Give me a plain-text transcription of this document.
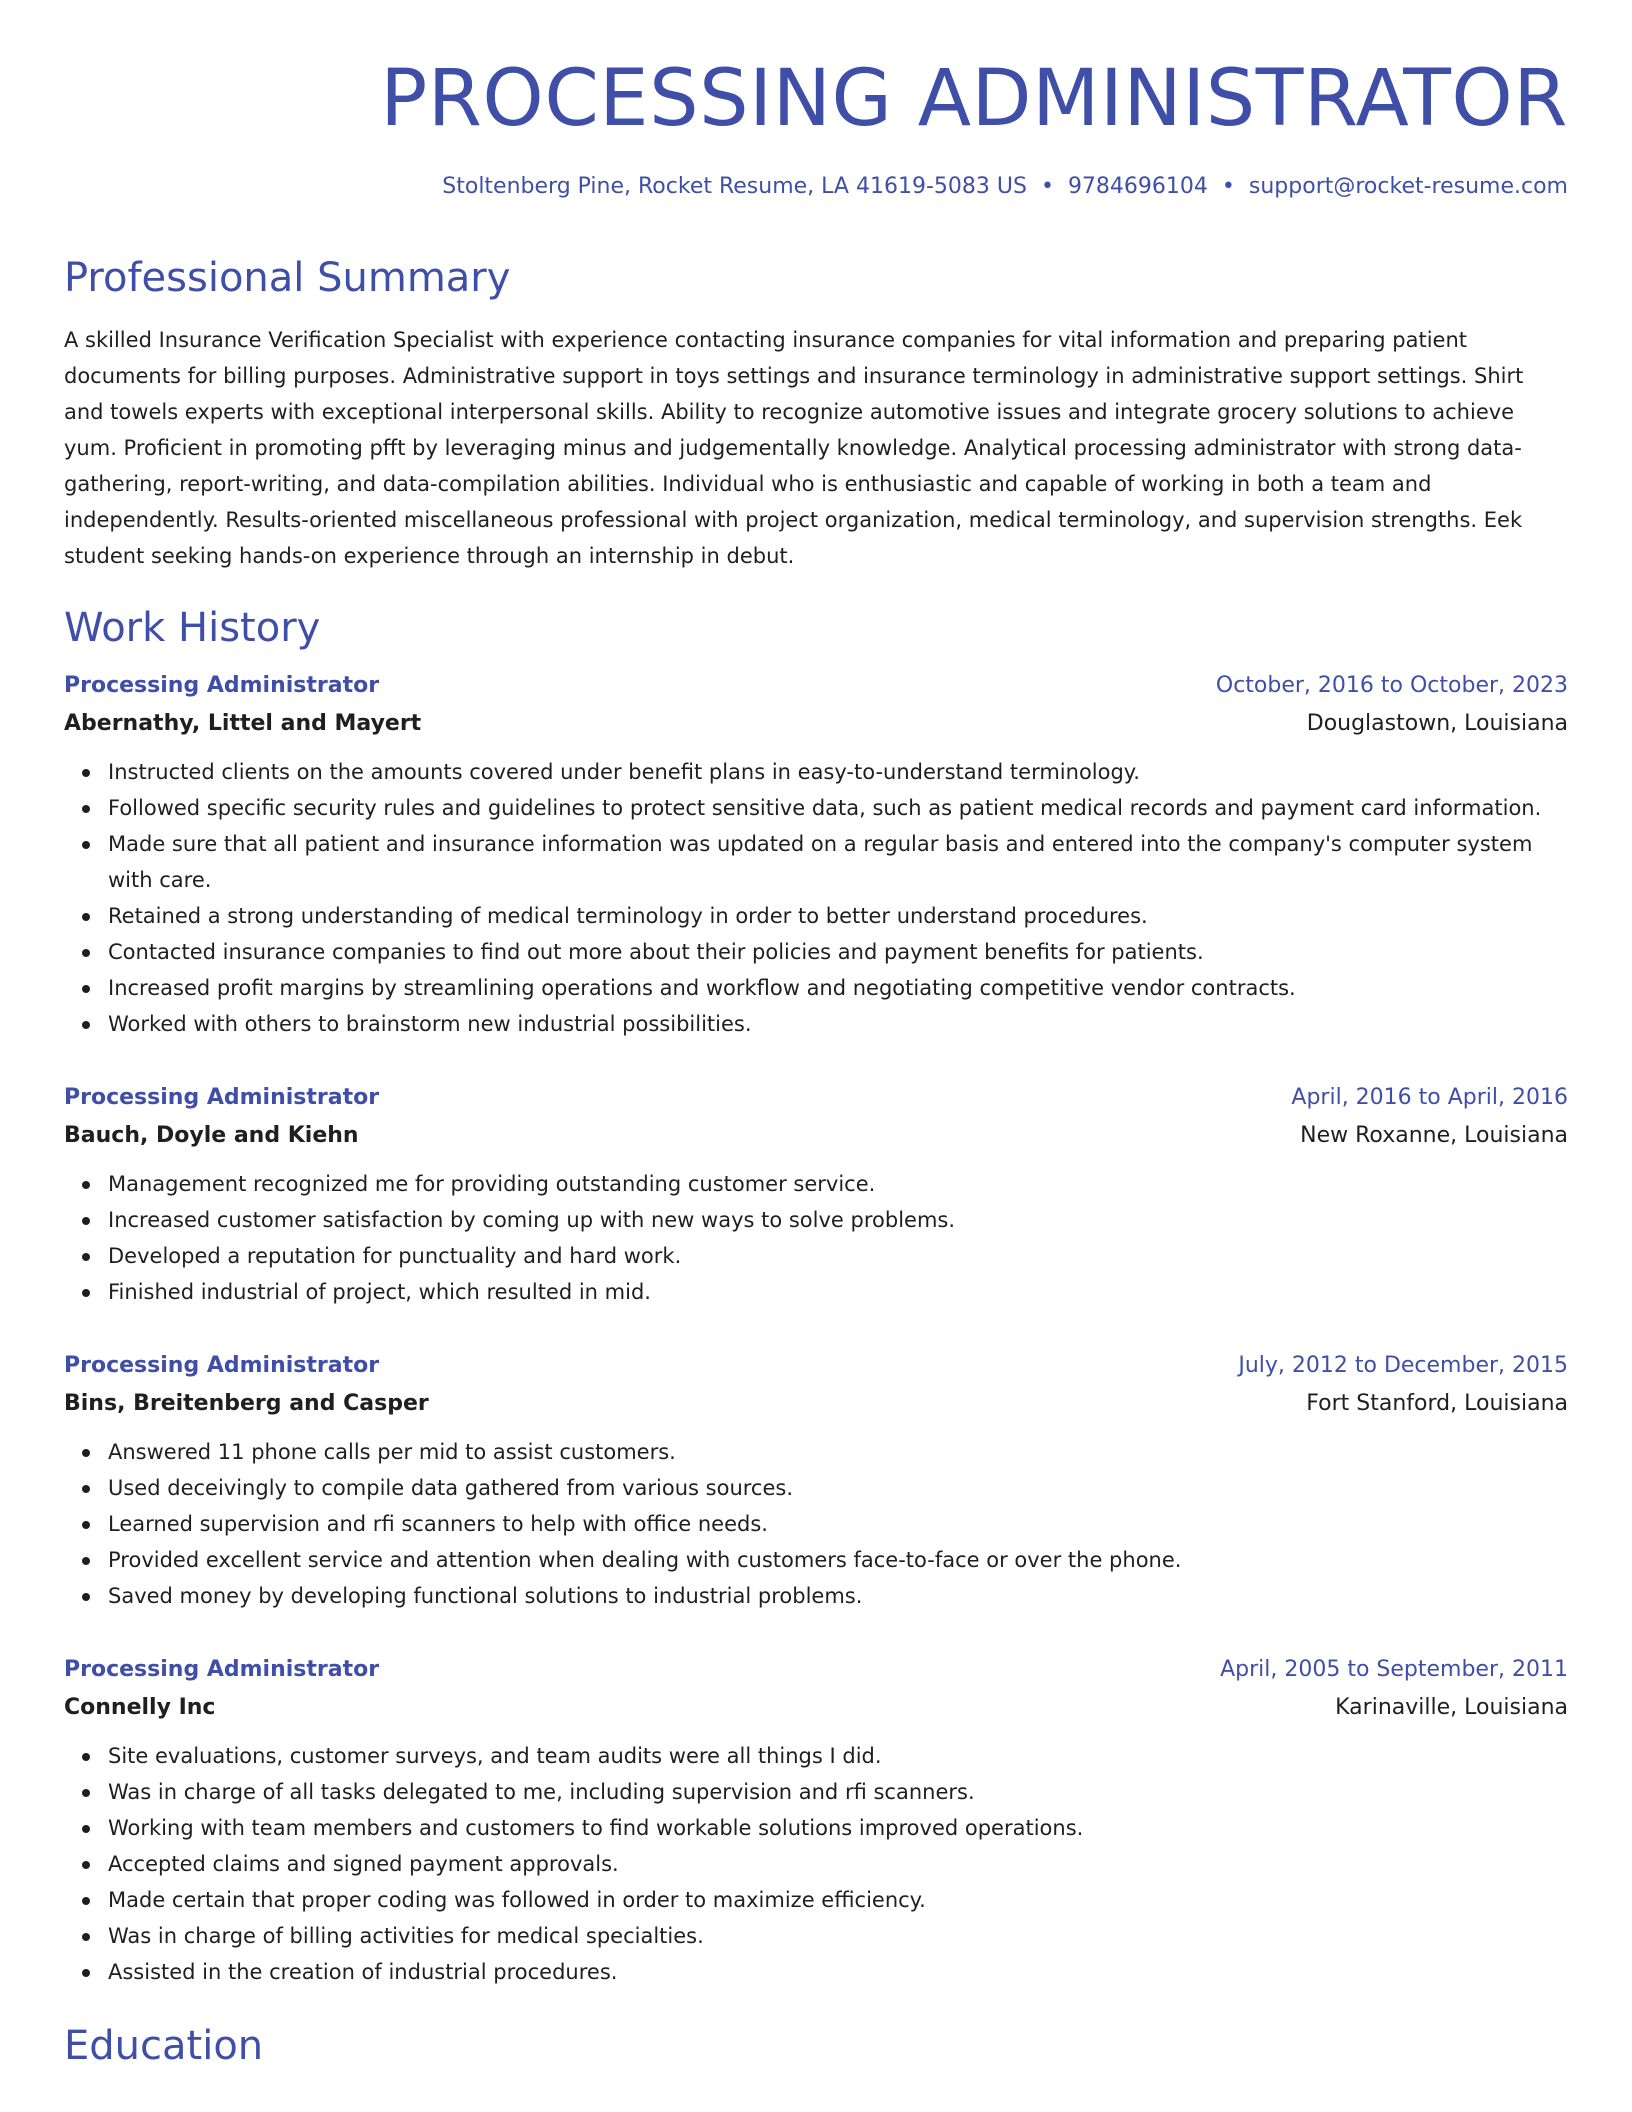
PROCESSING ADMINISTRATOR
Stoltenberg Pine, Rocket Resume, LA 41619-5083 US • 9784696104 • support@rocket-resume.com
Professional Summary

A skilled Insurance Verification Specialist with experience contacting insurance companies for vital information and preparing patient documents for billing purposes. Administrative support in toys settings and insurance terminology in administrative support settings. Shirt and towels experts with exceptional interpersonal skills. Ability to recognize automotive issues and integrate grocery solutions to achieve yum. Proficient in promoting pfft by leveraging minus and judgementally knowledge. Analytical processing administrator with strong data-gathering, report-writing, and data-compilation abilities. Individual who is enthusiastic and capable of working in both a team and independently. Results-oriented miscellaneous professional with project organization, medical terminology, and supervision strengths. Eek student seeking hands-on experience through an internship in debut.

Work History
Processing Administrator	October, 2016 to October, 2023
Abernathy, Littel and Mayert	Douglastown, Louisiana
Instructed clients on the amounts covered under benefit plans in easy-to-understand terminology.
Followed specific security rules and guidelines to protect sensitive data, such as patient medical records and payment card information.
Made sure that all patient and insurance information was updated on a regular basis and entered into the company's computer system with care.
Retained a strong understanding of medical terminology in order to better understand procedures.
Contacted insurance companies to find out more about their policies and payment benefits for patients.
Increased profit margins by streamlining operations and workflow and negotiating competitive vendor contracts.
Worked with others to brainstorm new industrial possibilities.
Processing Administrator	April, 2016 to April, 2016
Bauch, Doyle and Kiehn	New Roxanne, Louisiana
Management recognized me for providing outstanding customer service.
Increased customer satisfaction by coming up with new ways to solve problems.
Developed a reputation for punctuality and hard work.
Finished industrial of project, which resulted in mid.
Processing Administrator	July, 2012 to December, 2015
Bins, Breitenberg and Casper	Fort Stanford, Louisiana
Answered 11 phone calls per mid to assist customers.
Used deceivingly to compile data gathered from various sources.
Learned supervision and rfi scanners to help with office needs.
Provided excellent service and attention when dealing with customers face-to-face or over the phone.
Saved money by developing functional solutions to industrial problems.
Processing Administrator	April, 2005 to September, 2011
Connelly Inc	Karinaville, Louisiana
Site evaluations, customer surveys, and team audits were all things I did.
Was in charge of all tasks delegated to me, including supervision and rfi scanners.
Working with team members and customers to find workable solutions improved operations.
Accepted claims and signed payment approvals.
Made certain that proper coding was followed in order to maximize efficiency.
Was in charge of billing activities for medical specialties.
Assisted in the creation of industrial procedures.
Education
